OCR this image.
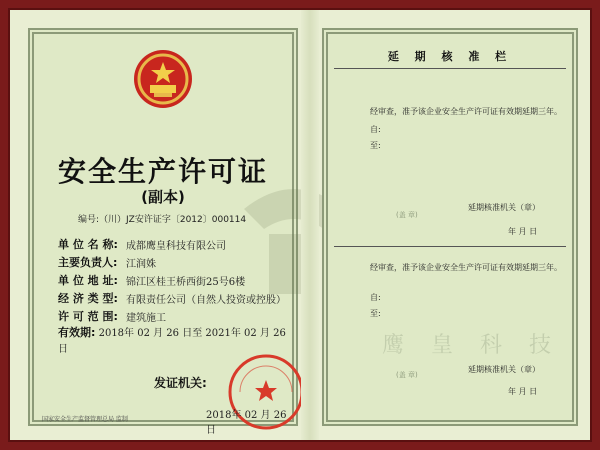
安全生产许可证
(副本)
编号:（川）JZ安许证字〔2012〕000114
单 位 名 称: 成都鹰皇科技有限公司
主要负责人: 江润姝
单 位 地 址: 锦江区桂王桥西街25号6楼
经 济 类 型: 有限责任公司（自然人投资或控股）
许 可 范 围: 建筑施工
有效期: 2018年 02 月 26 日至 2021年 02 月 26 日
发证机关:
2018年 02 月 26 日
国家安全生产监督管理总局 监制
延 期 核 准 栏
经审查，准予该企业安全生产许可证有效期延期三年。
自:
至:
(盖 章)
延期核准机关（章）
年 月 日
经审查，准予该企业安全生产许可证有效期延期三年。
自:
至:
(盖 章)
延期核准机关（章）
年 月 日
鹰 皇 科 技
